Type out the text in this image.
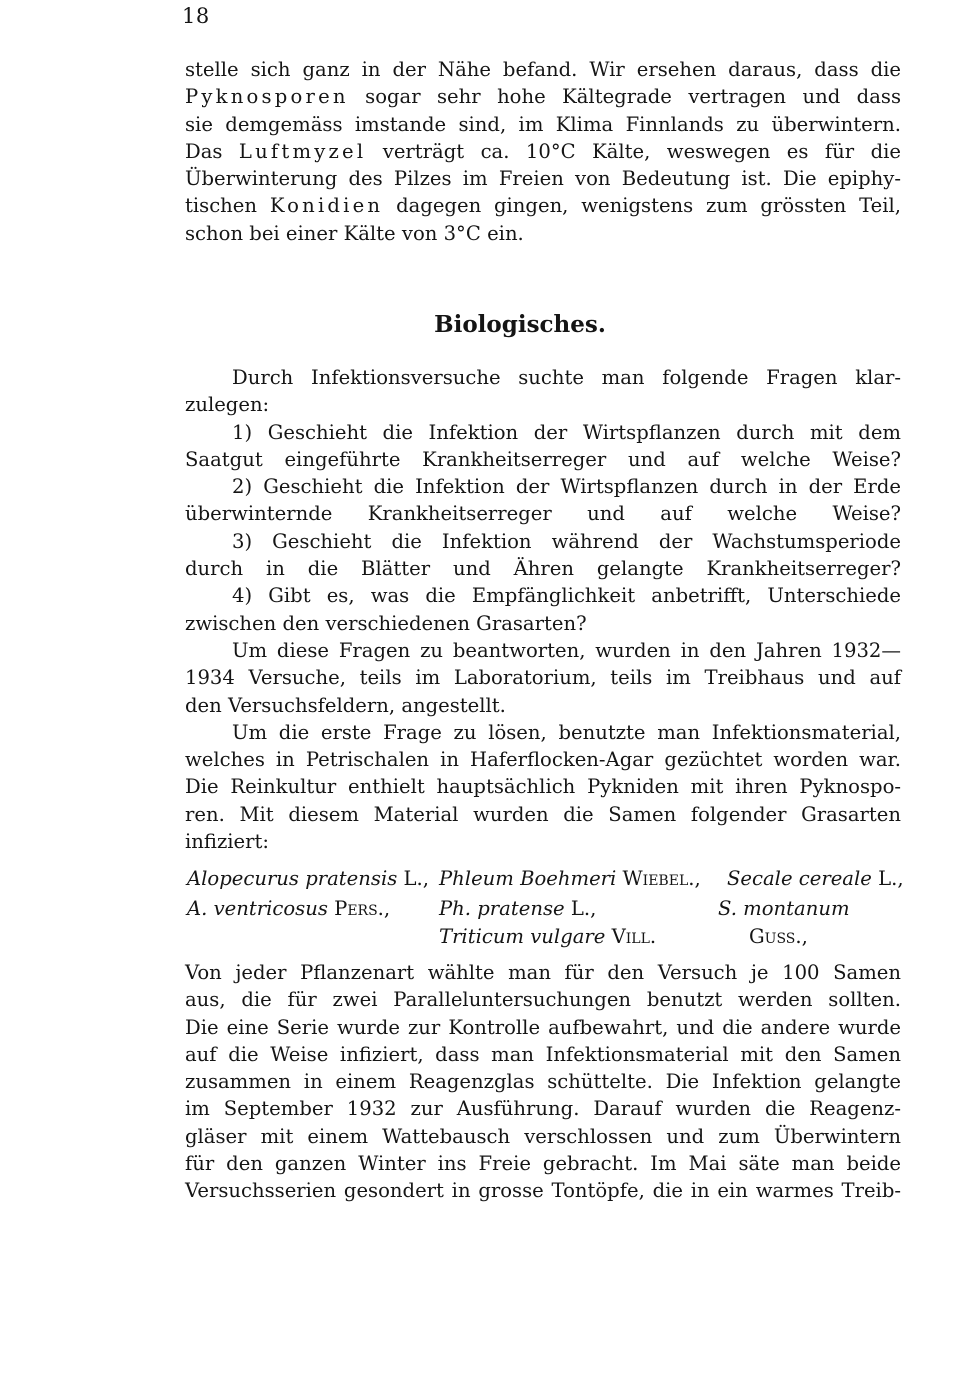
18
stelle sich ganz in der Nähe befand. Wir ersehen daraus, dass die
Pyknosporen sogar sehr hohe Kältegrade vertragen und dass
sie demgemäss imstande sind, im Klima Finnlands zu überwintern.
Das Luftmyzel verträgt ca. 10°C Kälte, weswegen es für die
Überwinterung des Pilzes im Freien von Bedeutung ist. Die epiphy-
tischen Konidien dagegen gingen, wenigstens zum grössten Teil,
schon bei einer Kälte von 3°C ein.
Biologisches.
Durch Infektionsversuche suchte man folgende Fragen klar-
zulegen:
1) Geschieht die Infektion der Wirtspflanzen durch mit dem
Saatgut eingeführte Krankheitserreger und auf welche Weise?
2) Geschieht die Infektion der Wirtspflanzen durch in der Erde
überwinternde Krankheitserreger und auf welche Weise?
3) Geschieht die Infektion während der Wachstumsperiode
durch in die Blätter und Ähren gelangte Krankheitserreger?
4) Gibt es, was die Empfänglichkeit anbetrifft, Unterschiede
zwischen den verschiedenen Grasarten?
Um diese Fragen zu beantworten, wurden in den Jahren 1932—
1934 Versuche, teils im Laboratorium, teils im Treibhaus und auf
den Versuchsfeldern, angestellt.
Um die erste Frage zu lösen, benutzte man Infektionsmaterial,
welches in Petrischalen in Haferflocken-Agar gezüchtet worden war.
Die Reinkultur enthielt hauptsächlich Pykniden mit ihren Pyknospo-
ren. Mit diesem Material wurden die Samen folgender Grasarten
infiziert:
Alopecurus pratensis L., Phleum Boehmeri Wiebel., Secale cereale L.,
A. ventricosus Pers., Ph. pratense L.,	S. montanum
Triticum vulgare Vill.	Guss.,
Von jeder Pflanzenart wählte man für den Versuch je 100 Samen
aus, die für zwei Paralleluntersuchungen benutzt werden sollten.
Die eine Serie wurde zur Kontrolle aufbewahrt, und die andere wurde
auf die Weise infiziert, dass man Infektionsmaterial mit den Samen
zusammen in einem Reagenzglas schüttelte. Die Infektion gelangte
im September 1932 zur Ausführung. Darauf wurden die Reagenz-
gläser mit einem Wattebausch verschlossen und zum Überwintern
für den ganzen Winter ins Freie gebracht. Im Mai säte man beide
Versuchsserien gesondert in grosse Tontöpfe, die in ein warmes Treib-
